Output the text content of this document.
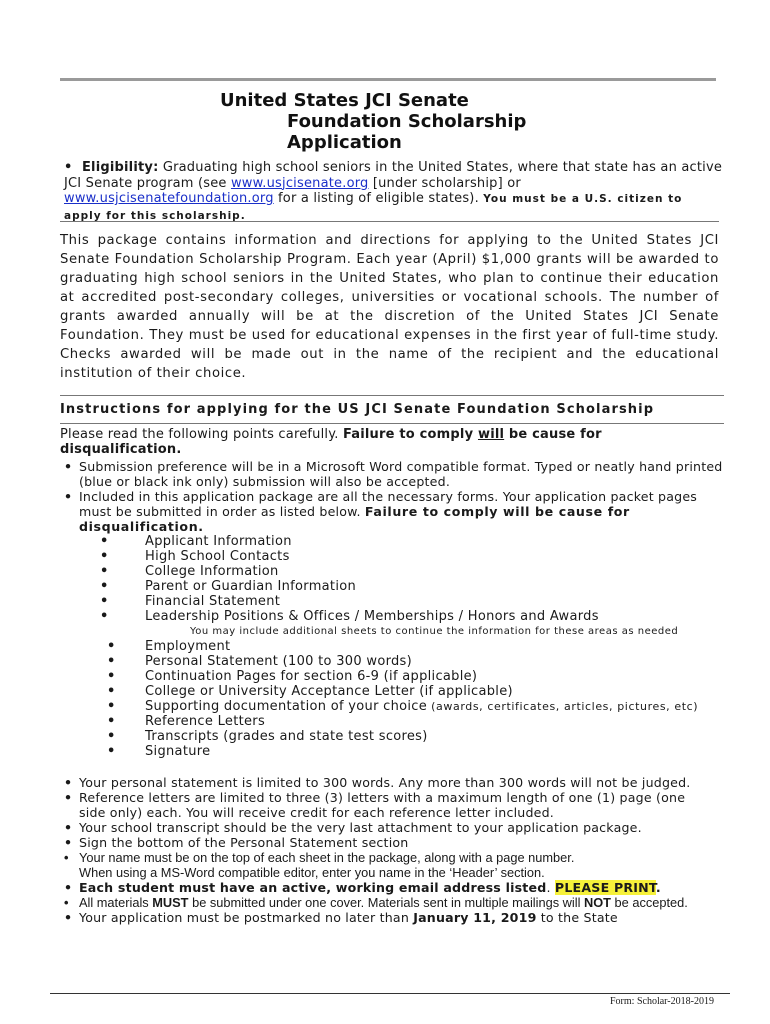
United States JCI Senate
Foundation Scholarship
Application
•  Eligibility: Graduating high school seniors in the United States, where that state has an active JCI Senate program (see www.usjcisenate.org [under scholarship] or www.usjcisenatefoundation.org for a listing of eligible states). You must be a U.S. citizen to apply for this scholarship.
This package contains information and directions for applying to the United States JCI Senate Foundation Scholarship Program. Each year (April) $1,000 grants will be awarded to graduating high school seniors in the United States, who plan to continue their education at accredited post-secondary colleges, universities or vocational schools. The number of grants awarded annually will be at the discretion of the United States JCI Senate Foundation. They must be used for educational expenses in the first year of full-time study. Checks awarded will be made out in the name of the recipient and the educational institution of their choice.
Instructions for applying for the US JCI Senate Foundation Scholarship
Please read the following points carefully. Failure to comply will be cause for disqualification.
• Submission preference will be in a Microsoft Word compatible format. Typed or neatly hand printed (blue or black ink only) submission will also be accepted.
• Included in this application package are all the necessary forms. Your application packet pages must be submitted in order as listed below. Failure to comply will be cause for disqualification.
•	Applicant Information
•	High School Contacts
•	College Information
•	Parent or Guardian Information
•	Financial Statement
•	Leadership Positions & Offices / Memberships / Honors and Awards
You may include additional sheets to continue the information for these areas as needed
• Employment
• Personal Statement (100 to 300 words)
• Continuation Pages for section 6-9 (if applicable)
• College or University Acceptance Letter (if applicable)
• Supporting documentation of your choice (awards, certificates, articles, pictures, etc)
• Reference Letters
• Transcripts (grades and state test scores)
• Signature
• Your personal statement is limited to 300 words. Any more than 300 words will not be judged.
• Reference letters are limited to three (3) letters with a maximum length of one (1) page (one side only) each. You will receive credit for each reference letter included.
• Your school transcript should be the very last attachment to your application package.
• Sign the bottom of the Personal Statement section
• Your name must be on the top of each sheet in the package, along with a page number.
When using a MS-Word compatible editor, enter you name in the ‘Header’ section.
• Each student must have an active, working email address listed. PLEASE PRINT.
• All materials MUST be submitted under one cover. Materials sent in multiple mailings will NOT be accepted.
• Your application must be postmarked no later than January 11, 2019 to the State
Form: Scholar-2018-2019
